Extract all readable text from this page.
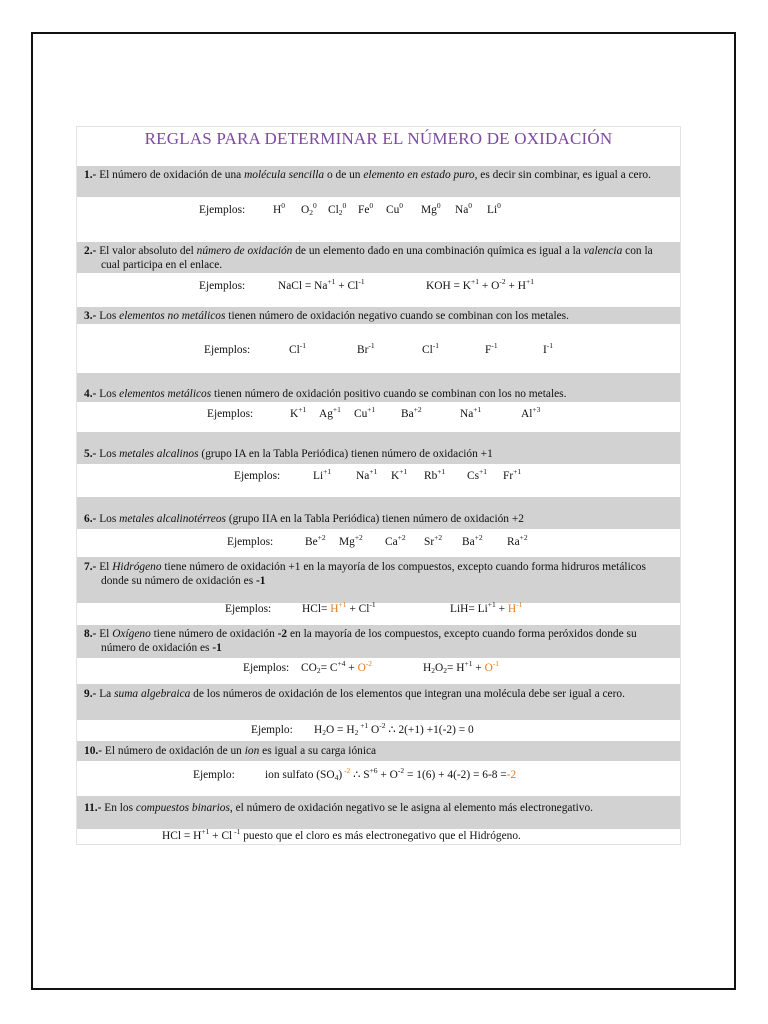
REGLAS PARA DETERMINAR EL NÚMERO DE OXIDACIÓN
1.- El número de oxidación de una molécula sencilla o de un elemento en estado puro, es decir sin combinar, es igual a cero.
Ejemplos: $H^0$ $O_2^0$ $Cl_2^0$ Fe$^0$ Cu$^0$ Mg$^0$ Na$^0$ Li$^0$
2.- El valor absoluto del número de oxidación de un elemento dado en una combinación química es igual a la valencia con la cual participa en el enlace.
Ejemplos:	NaCl = $Na^{+1} + Cl^{-1}$	KOH = $K^{+1} + O^{-2} + H^{+1}$
3.- Los elementos no metálicos tienen número de oxidación negativo cuando se combinan con los metales.
Ejemplos:	$Cl^{-1}$	$Br^{-1}$	$Cl^{-1}$	$F^{-1}$	$I^{-1}$
4.- Los elementos metálicos tienen número de oxidación positivo cuando se combinan con los no metales.
Ejemplos:	$K^{+1}$ $Ag^{+1}$ $Cu^{+1}$ $Ba^{+2}$	$Na^{+1}$	$Al^{+3}$
5.- Los metales alcalinos (grupo IA en la Tabla Periódica) tienen número de oxidación +1
Ejemplos:	$Li^{+1}$ $Na^{+1}$ $K^{+1}$ $Rb^{+1}$ $Cs^{+1}$ $Fr^{+1}$
6.- Los metales alcalinotérreos (grupo IIA en la Tabla Periódica) tienen número de oxidación +2
Ejemplos:	$Be^{+2}$ $Mg^{+2}$ $Ca^{+2}$ $Sr^{+2}$ $Ba^{+2}$ $Ra^{+2}$
7.- El Hidrógeno tiene número de oxidación +1 en la mayoría de los compuestos, excepto cuando forma hidruros metálicos donde su número de oxidación es -1
Ejemplos:	$HCl= H^{+1} + Cl^{-1}$	$LiH= Li^{+1} + H^{-1}$
8.- El Oxígeno tiene número de oxidación -2 en la mayoría de los compuestos, excepto cuando forma peróxidos donde su número de oxidación es -1
Ejemplos: $CO_2= C^{+4} + O^{-2}$	$H_2O_2= H^{+1} + O^{-1}$
9.- La suma algebraica de los números de oxidación de los elementos que integran una molécula debe ser igual a cero.
Ejemplo: $H_2O = H_2$ $^{+1}$ $O^{-2}$ ∴ 2(+1) +1(-2) = 0
10.- El número de oxidación de un ion es igual a su carga iónica
Ejemplo:	ion sulfato $(SO_4)$ $^{-2}$ ∴ $S^{+6} + O^{-2} = 1(6) + 4(-2) = 6-8 =-2$
11.- En los compuestos binarios, el número de oxidación negativo se le asigna al elemento más electronegativo.
HCl = $H^{+1} + Cl$ $^{-1}$ puesto que el cloro es más electronegativo que el Hidrógeno.
